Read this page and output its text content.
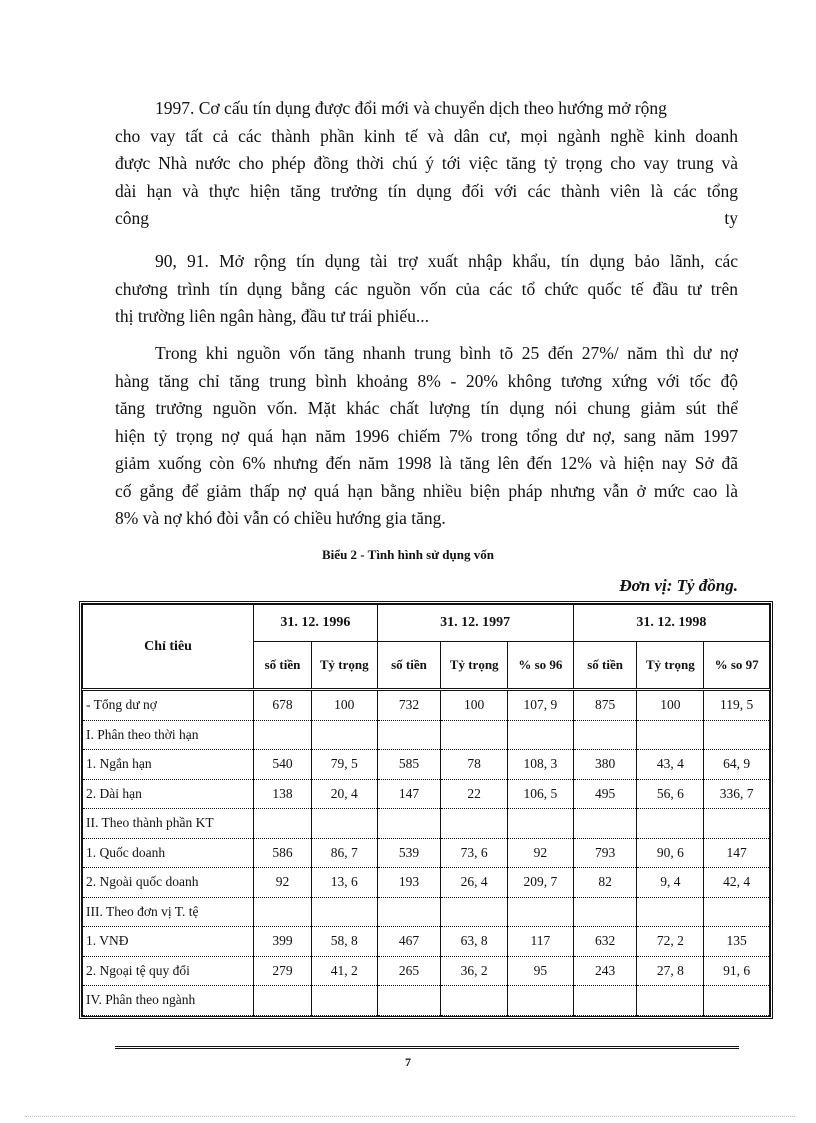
1997. Cơ cấu tín dụng được đổi mới và chuyển dịch theo hướng mở rộng
cho vay tất cả các thành phần kinh tế và dân cư, mọi ngành nghề kinh doanh
được Nhà nước cho phép đồng thời chú ý tới việc tăng tỷ trọng cho vay trung và
dài hạn và thực hiện tăng trưởng tín dụng đối với các thành viên là các tổng
công ty
90, 91. Mở rộng tín dụng tài trợ xuất nhập khẩu, tín dụng bảo lãnh, các
chương trình tín dụng bằng các nguồn vốn của các tổ chức quốc tế đầu tư trên
thị trường liên ngân hàng, đầu tư trái phiếu...
Trong khi nguồn vốn tăng nhanh trung bình tõ 25 đến 27%/ năm thì dư nợ
hàng tăng chỉ tăng trung bình khoảng 8% - 20% không tương xứng với tốc độ
tăng trưởng nguồn vốn. Mặt khác chất lượng tín dụng nói chung giảm sút thể
hiện tỷ trọng nợ quá hạn năm 1996 chiếm 7% trong tổng dư nợ, sang năm 1997
giảm xuống còn 6% nhưng đến năm 1998 là tăng lên đến 12% và hiện nay Sở đã
cố gắng để giảm thấp nợ quá hạn bằng nhiều biện pháp nhưng vẫn ở mức cao là
8% và nợ khó đòi vẫn có chiều hướng gia tăng.
Biểu 2 - Tình hình sử dụng vốn
Đơn vị: Tỷ đồng.
Chỉ tiêu	31. 12. 1996		31. 12. 1997			31. 12. 1998		
	số tiền	Tỷ trọng	số tiền	Tỷ trọng	% so 96	số tiền	Tỷ trọng	% so 97
- Tổng dư nợ	678	100	732	100	107, 9	875	100	119, 5
I. Phân theo thời hạn								
1. Ngắn hạn	540	79, 5	585	78	108, 3	380	43, 4	64, 9
2. Dài hạn	138	20, 4	147	22	106, 5	495	56, 6	336, 7
II. Theo thành phần KT								
1. Quốc doanh	586	86, 7	539	73, 6	92	793	90, 6	147
2. Ngoài quốc doanh	92	13, 6	193	26, 4	209, 7	82	9, 4	42, 4
III. Theo đơn vị T. tệ								
1. VNĐ	399	58, 8	467	63, 8	117	632	72, 2	135
2. Ngoại tệ quy đổi	279	41, 2	265	36, 2	95	243	27, 8	91, 6
IV. Phân theo ngành								
7
